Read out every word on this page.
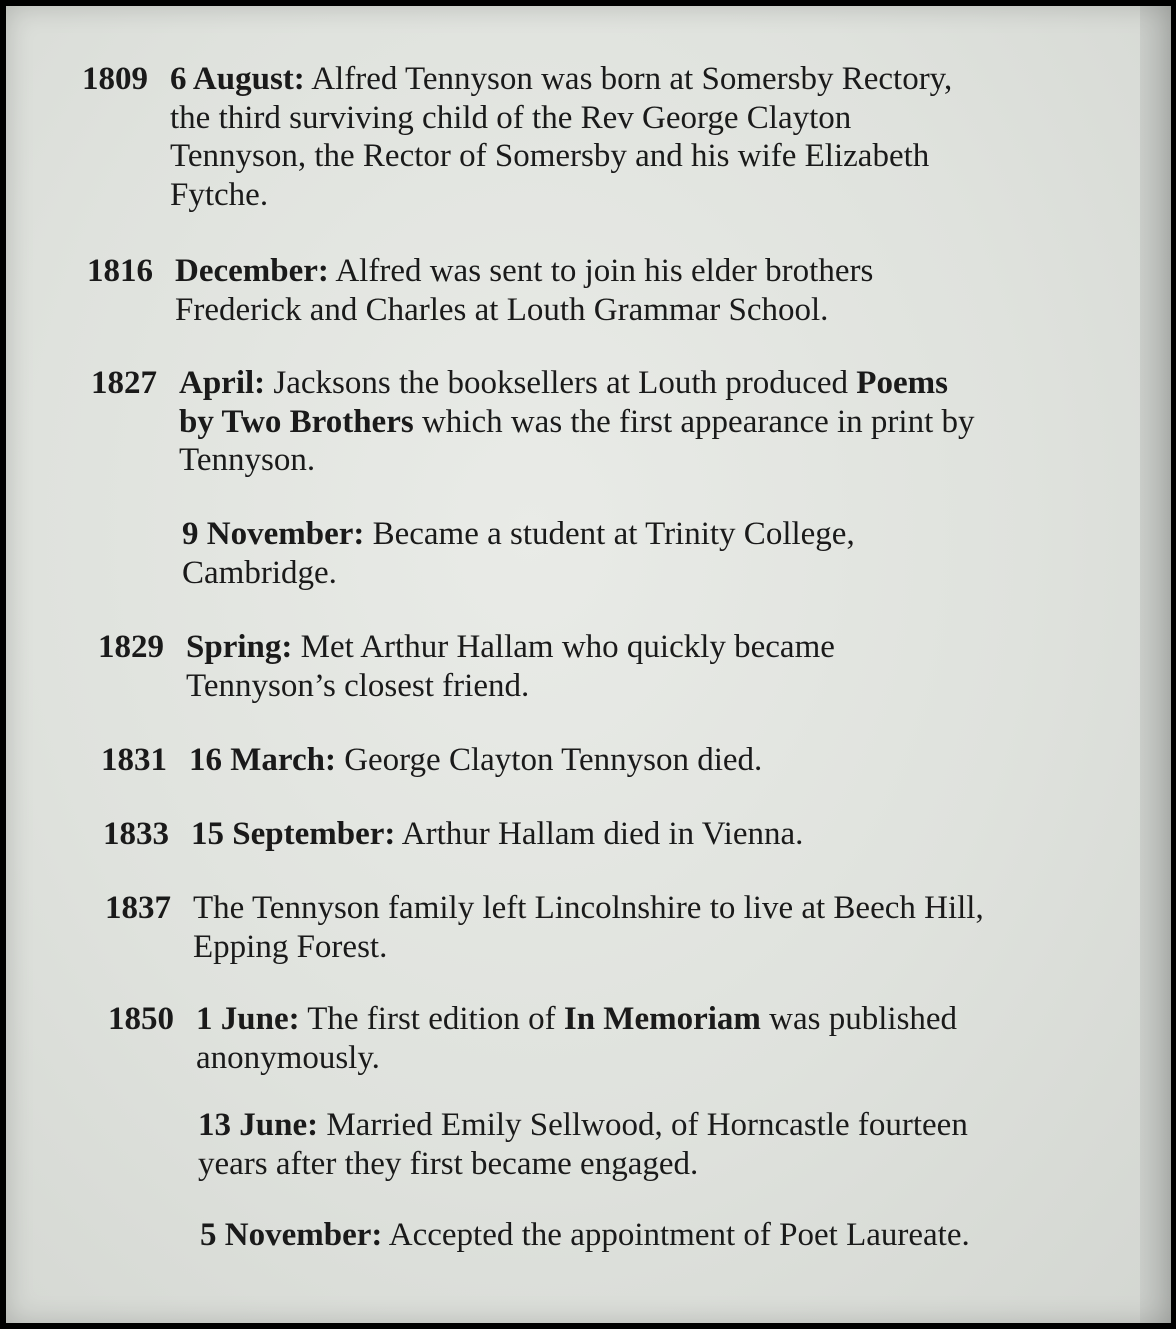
1809 6 August: Alfred Tennyson was born at Somersby Rectory,
the third surviving child of the Rev George Clayton
Tennyson, the Rector of Somersby and his wife Elizabeth
Fytche.
1816 December: Alfred was sent to join his elder brothers
Frederick and Charles at Louth Grammar School.
1827 April: Jacksons the booksellers at Louth produced Poems
by Two Brothers which was the first appearance in print by
Tennyson.
9 November: Became a student at Trinity College,
Cambridge.
1829 Spring: Met Arthur Hallam who quickly became
Tennyson’s closest friend.
1831 16 March: George Clayton Tennyson died.
1833 15 September: Arthur Hallam died in Vienna.
1837 The Tennyson family left Lincolnshire to live at Beech Hill,
Epping Forest.
1850 1 June: The first edition of In Memoriam was published
anonymously.
13 June: Married Emily Sellwood, of Horncastle fourteen
years after they first became engaged.
5 November: Accepted the appointment of Poet Laureate.
